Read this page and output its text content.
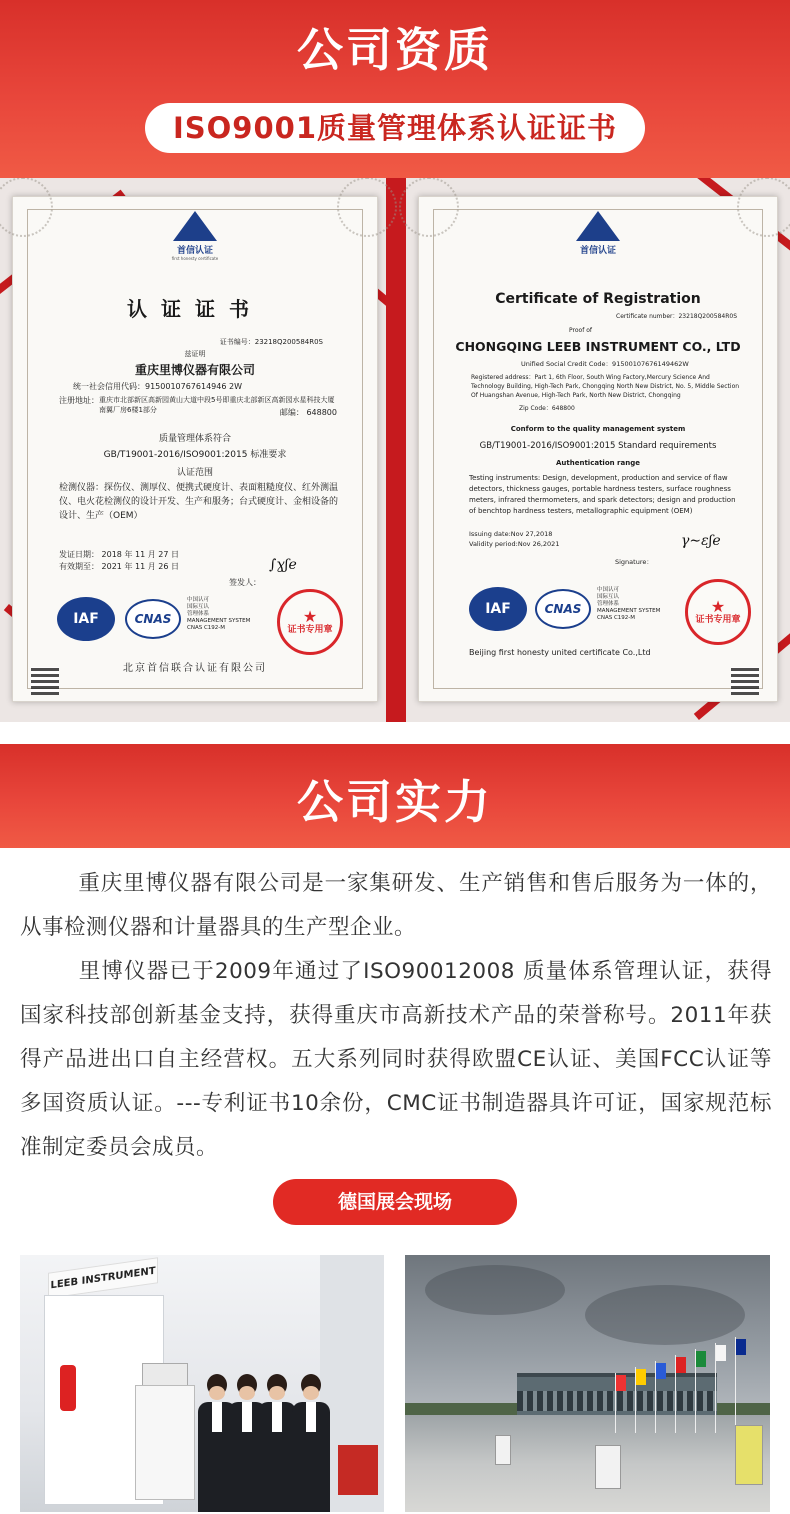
公司资质
ISO9001质量管理体系认证证书
首信认证
first honesty certificate
认证证书
证书编号：23218Q200584R0S
兹证明
重庆里博仪器有限公司
统一社会信用代码：9150010767614946 2W
注册地址： 重庆市北部新区高新园黄山大道中段5号即重庆北部新区高新园水星科技大厦南翼厂房6楼1部分	邮编： 648800
质量管理体系符合
GB/T19001-2016/ISO9001:2015 标准要求
认证范围
检测仪器：探伤仪、测厚仪、便携式硬度计、表面粗糙度仪、红外测温仪、电火花检测仪的设计开发、生产和服务；台式硬度计、金相设备的设计、生产（OEM）
发证日期： 2018 年 11 月 27 日
有效期至： 2021 年 11 月 26 日
签发人：
∫ɣʃe
IAF	CNAS
中国认可
国际互认
管理体系
MANAGEMENT SYSTEM
CNAS C192-M
★
证书专用章
北京首信联合认证有限公司
首信认证
Certificate of Registration
Certificate number：23218Q200584R0S
Proof of
CHONGQING LEEB INSTRUMENT CO., LTD
Unified Social Credit Code：91500107676149462W
Registered address：Part 1, 6th Floor, South Wing Factory,Mercury Science And Technology Building, High-Tech Park, Chongqing North New District, No. 5, Middle Section Of Huangshan Avenue, High-Tech Park, North New District, Chongqing
Zip Code：648800
Conform to the quality management system
GB/T19001-2016/ISO9001:2015 Standard requirements
Authentication range
Testing instruments: Design, development, production and service of flaw detectors, thickness gauges, portable hardness testers, surface roughness meters, infrared thermometers, and spark detectors; design and production of benchtop hardness testers, metallographic equipment (OEM)
Issuing date:Nov 27,2018
Validity period:Nov 26,2021
Signature：
γ∼ɛʃe
IAF	CNAS
中国认可
国际互认
管理体系
MANAGEMENT SYSTEM
CNAS C192-M
★
证书专用章
Beijing first honesty united certificate Co.,Ltd
公司实力
重庆里博仪器有限公司是一家集研发、生产销售和售后服务为一体的，从事检测仪器和计量器具的生产型企业。
里博仪器已于2009年通过了ISO90012008 质量体系管理认证，获得国家科技部创新基金支持，获得重庆市高新技术产品的荣誉称号。2011年获得产品进出口自主经营权。五大系列同时获得欧盟CE认证、美国FCC认证等多国资质认证。---专利证书10余份，CMC证书制造器具许可证，国家规范标准制定委员会成员。
德国展会现场
LEEB INSTRUMENT
